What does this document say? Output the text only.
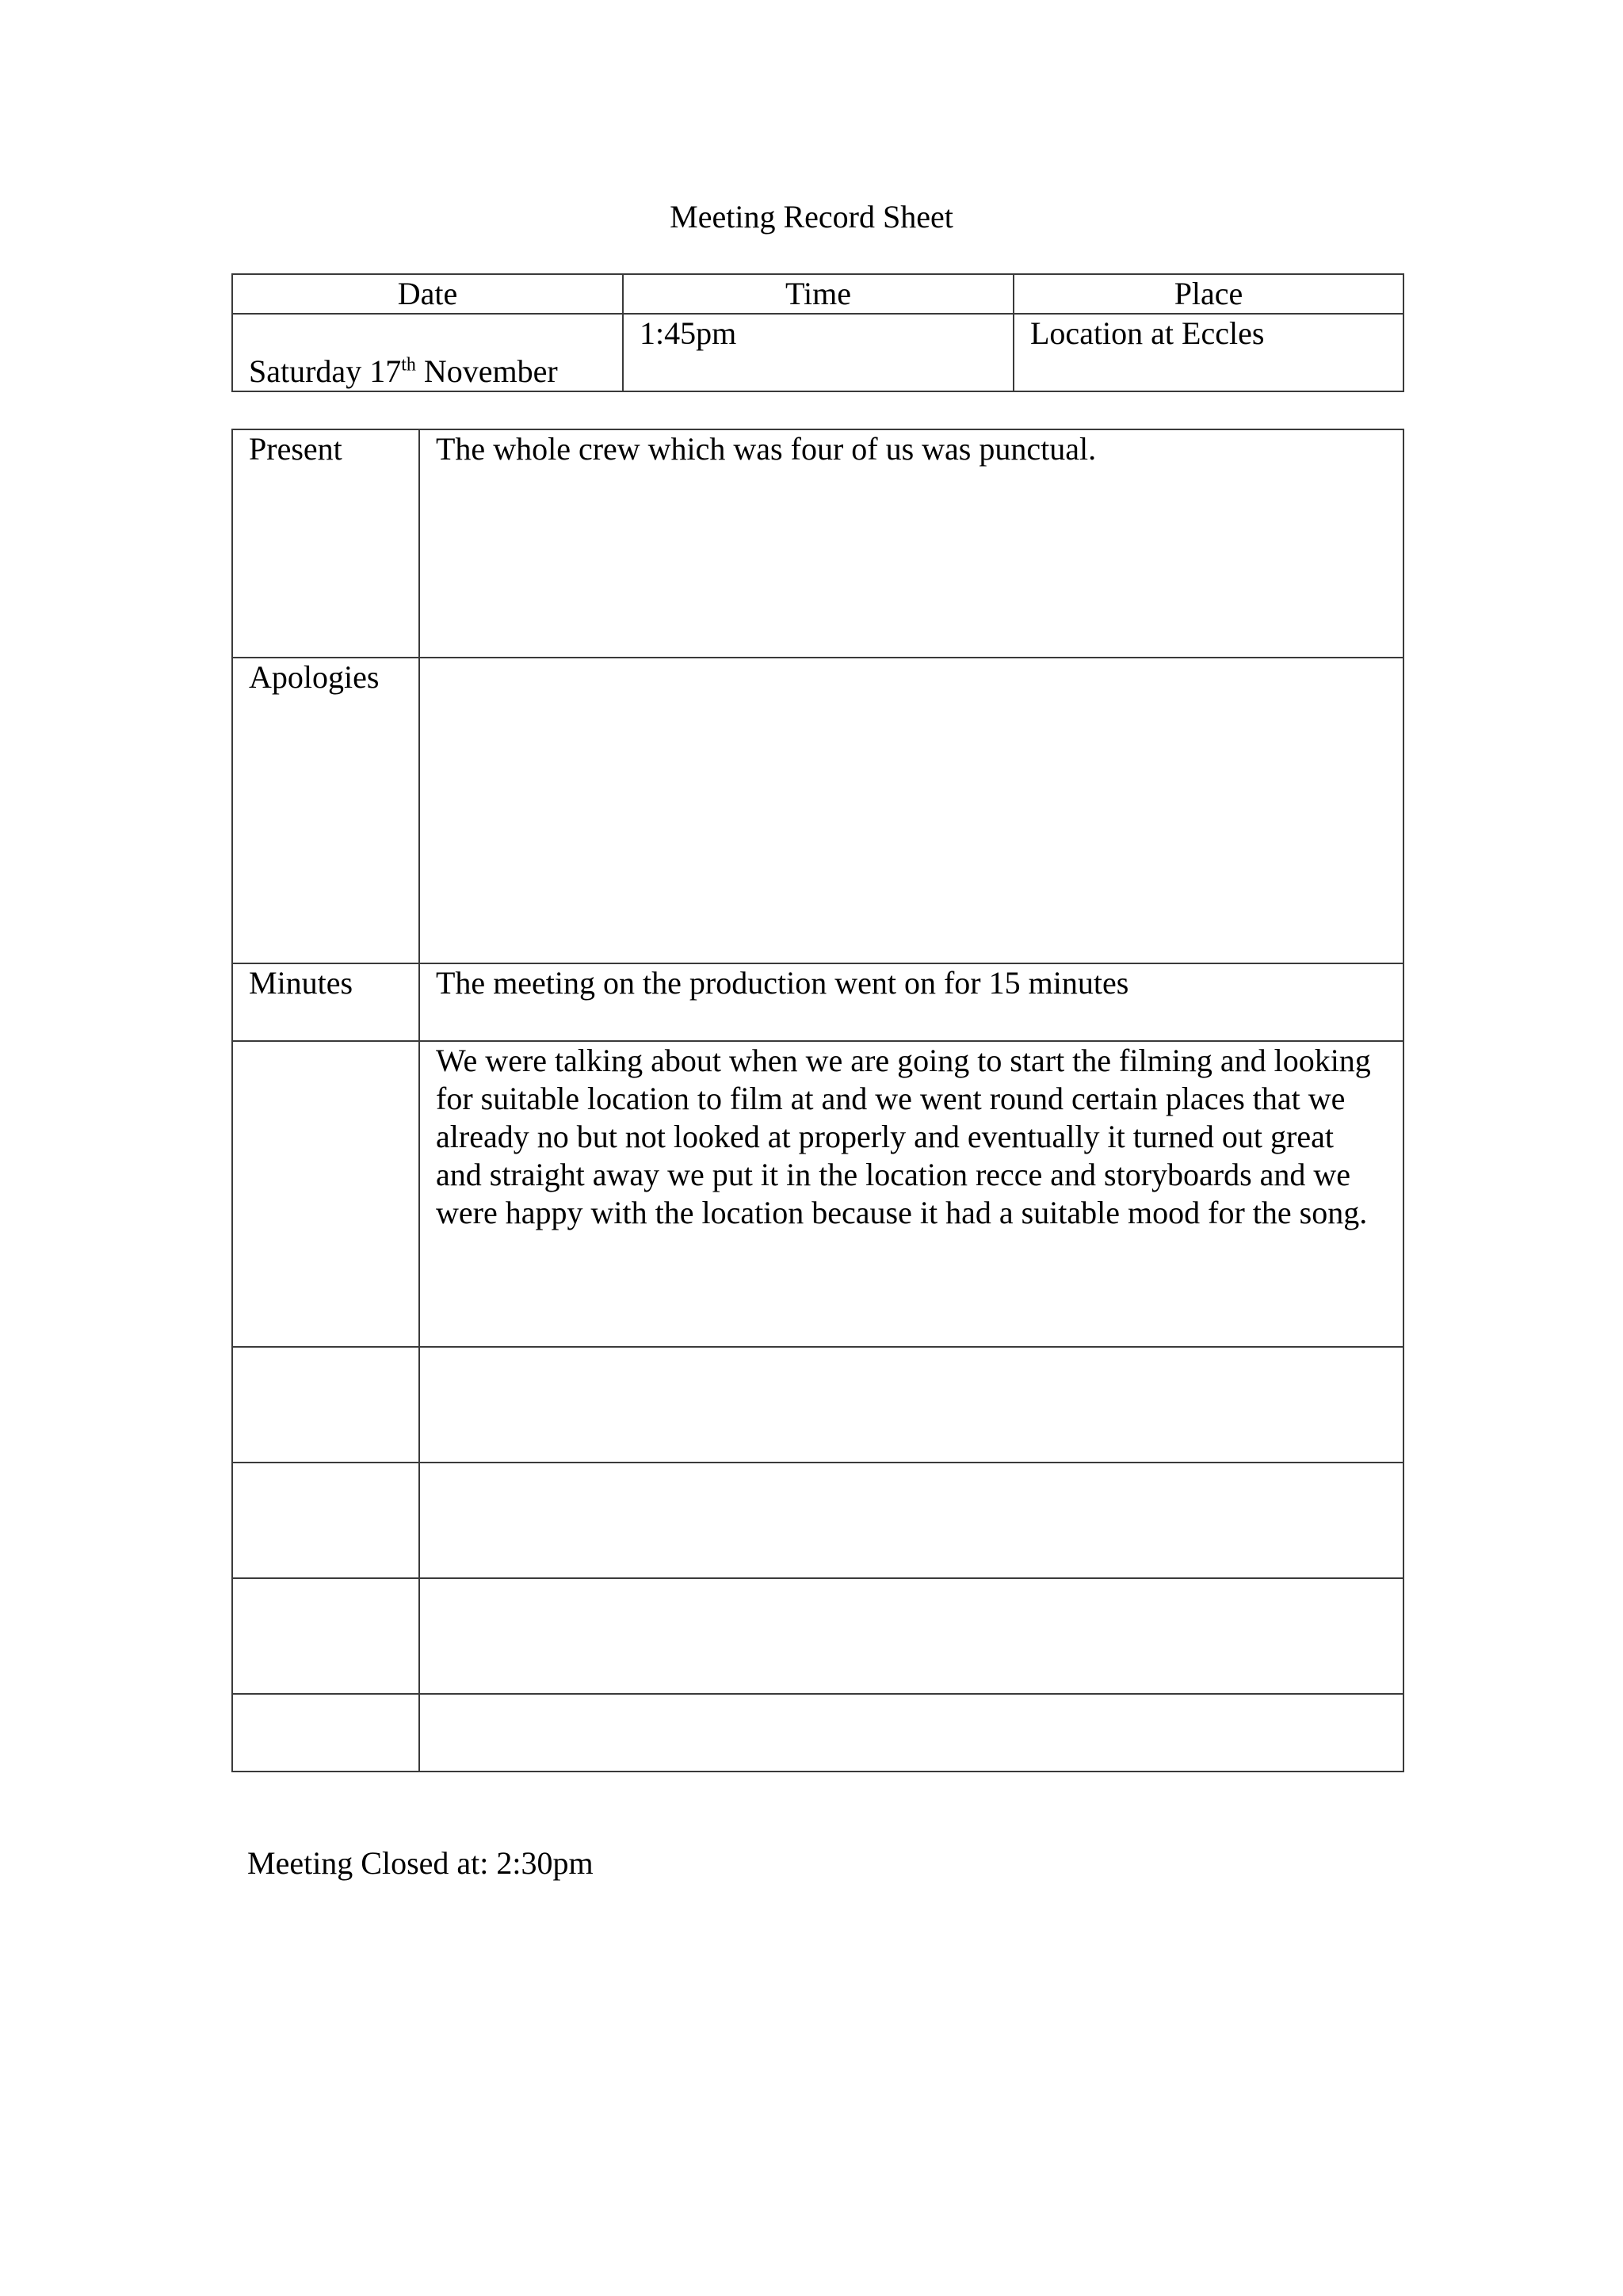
Meeting Record Sheet
Date	Time	Place
Saturday 17th November	1:45pm	Location at Eccles
Present	The whole crew which was four of us was punctual.
Apologies	
Minutes	The meeting on the production went on for 15 minutes
	We were talking about when we are going to start the filming and looking for suitable location to film at and we went round certain places that we already no but not looked at properly and eventually it turned out great and straight away we put it in the location recce and storyboards and we were happy with the location because it had a suitable mood for the song.

Meeting Closed at: 2:30pm
